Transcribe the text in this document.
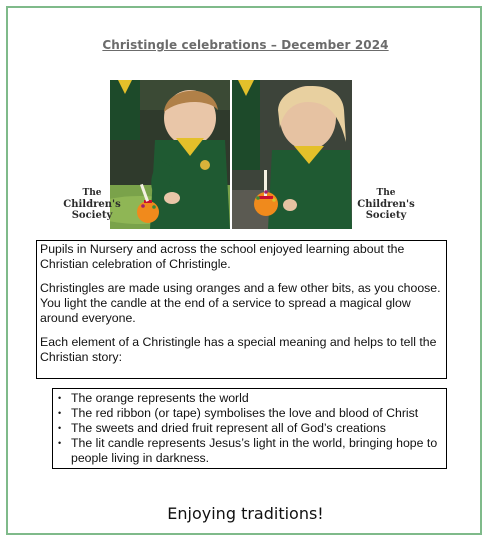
Christingle celebrations – December 2024
The
Children's
Society
The
Children's
Society

Pupils in Nursery and across the school enjoyed learning about the Christian celebration of Christingle.

Christingles are made using oranges and a few other bits, as you choose. You light the candle at the end of a service to spread a magical glow around everyone.

Each element of a Christingle has a special meaning and helps to tell the Christian story:

• The orange represents the world
• The red ribbon (or tape) symbolises the love and blood of Christ
• The sweets and dried fruit represent all of God’s creations
• The lit candle represents Jesus’s light in the world, bringing hope to people living in darkness.
Enjoying traditions!
